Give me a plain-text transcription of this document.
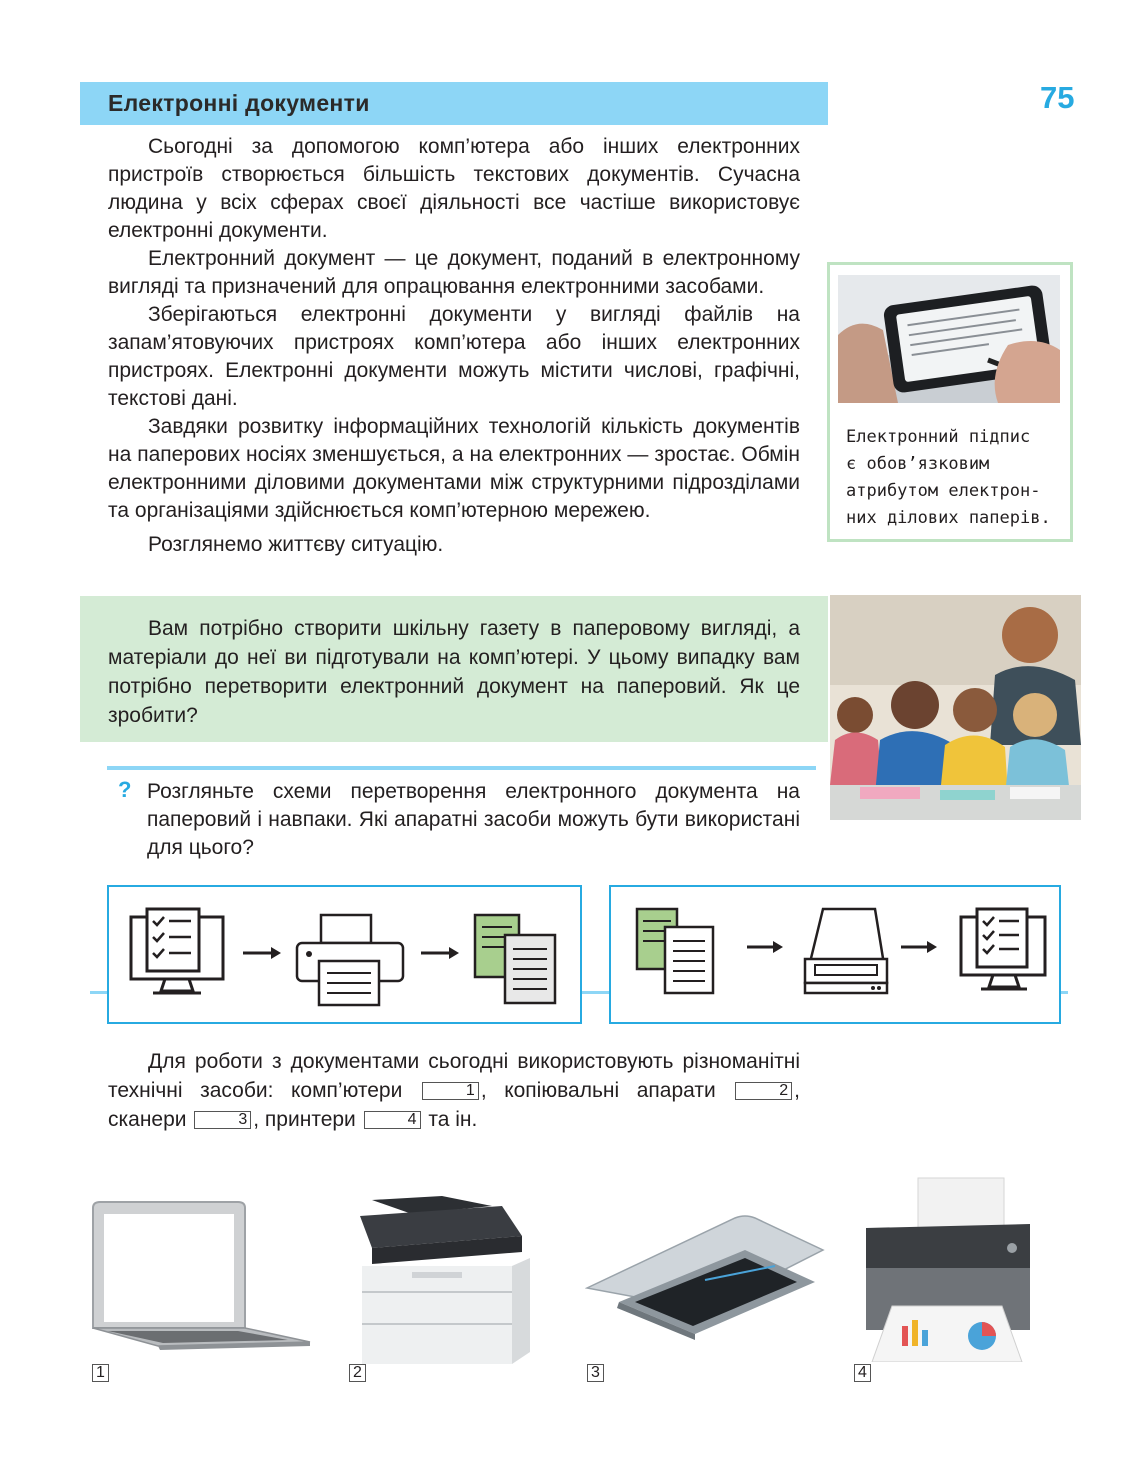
Електронні документи	75

Сьогодні за допомогою комп’ютера або інших електронних пристроїв створюється більшість текстових документів. Сучасна людина у всіх сферах своєї діяльності все частіше використовує електронні документи.

Електронний документ — це документ, поданий в електронному вигляді та призначений для опрацювання електронними засобами.

Зберігаються електронні документи у вигляді файлів на запам’ятовуючих пристроях комп’ютера або інших електронних пристроях. Електронні документи можуть містити числові, графічні, текстові дані.

Завдяки розвитку інформаційних технологій кількість документів на паперових носіях зменшується, а на електронних — зростає. Обмін електронними діловими документами між структурними підрозділами та організаціями здійснюється комп’ютерною мережею.

Розглянемо життєву ситуацію.

Електронний підпис
є обов’язковим
атрибутом електрон-
них ділових паперів.

Вам потрібно створити шкільну газету в паперовому вигляді, а матеріали до неї ви підготували на комп’ютері. У цьому випадку вам потрібно перетворити електронний документ на паперовий. Як це зробити?

? Розгляньте схеми перетворення електронного документа на паперовий і навпаки. Які апаратні засоби можуть бути використані для цього?

Для роботи з документами сьогодні використовують різноманітні технічні засоби: комп’ютери	1 , копіювальні апарати	2 , сканери	3 , принтери	4 та ін.

1	2	3	4
